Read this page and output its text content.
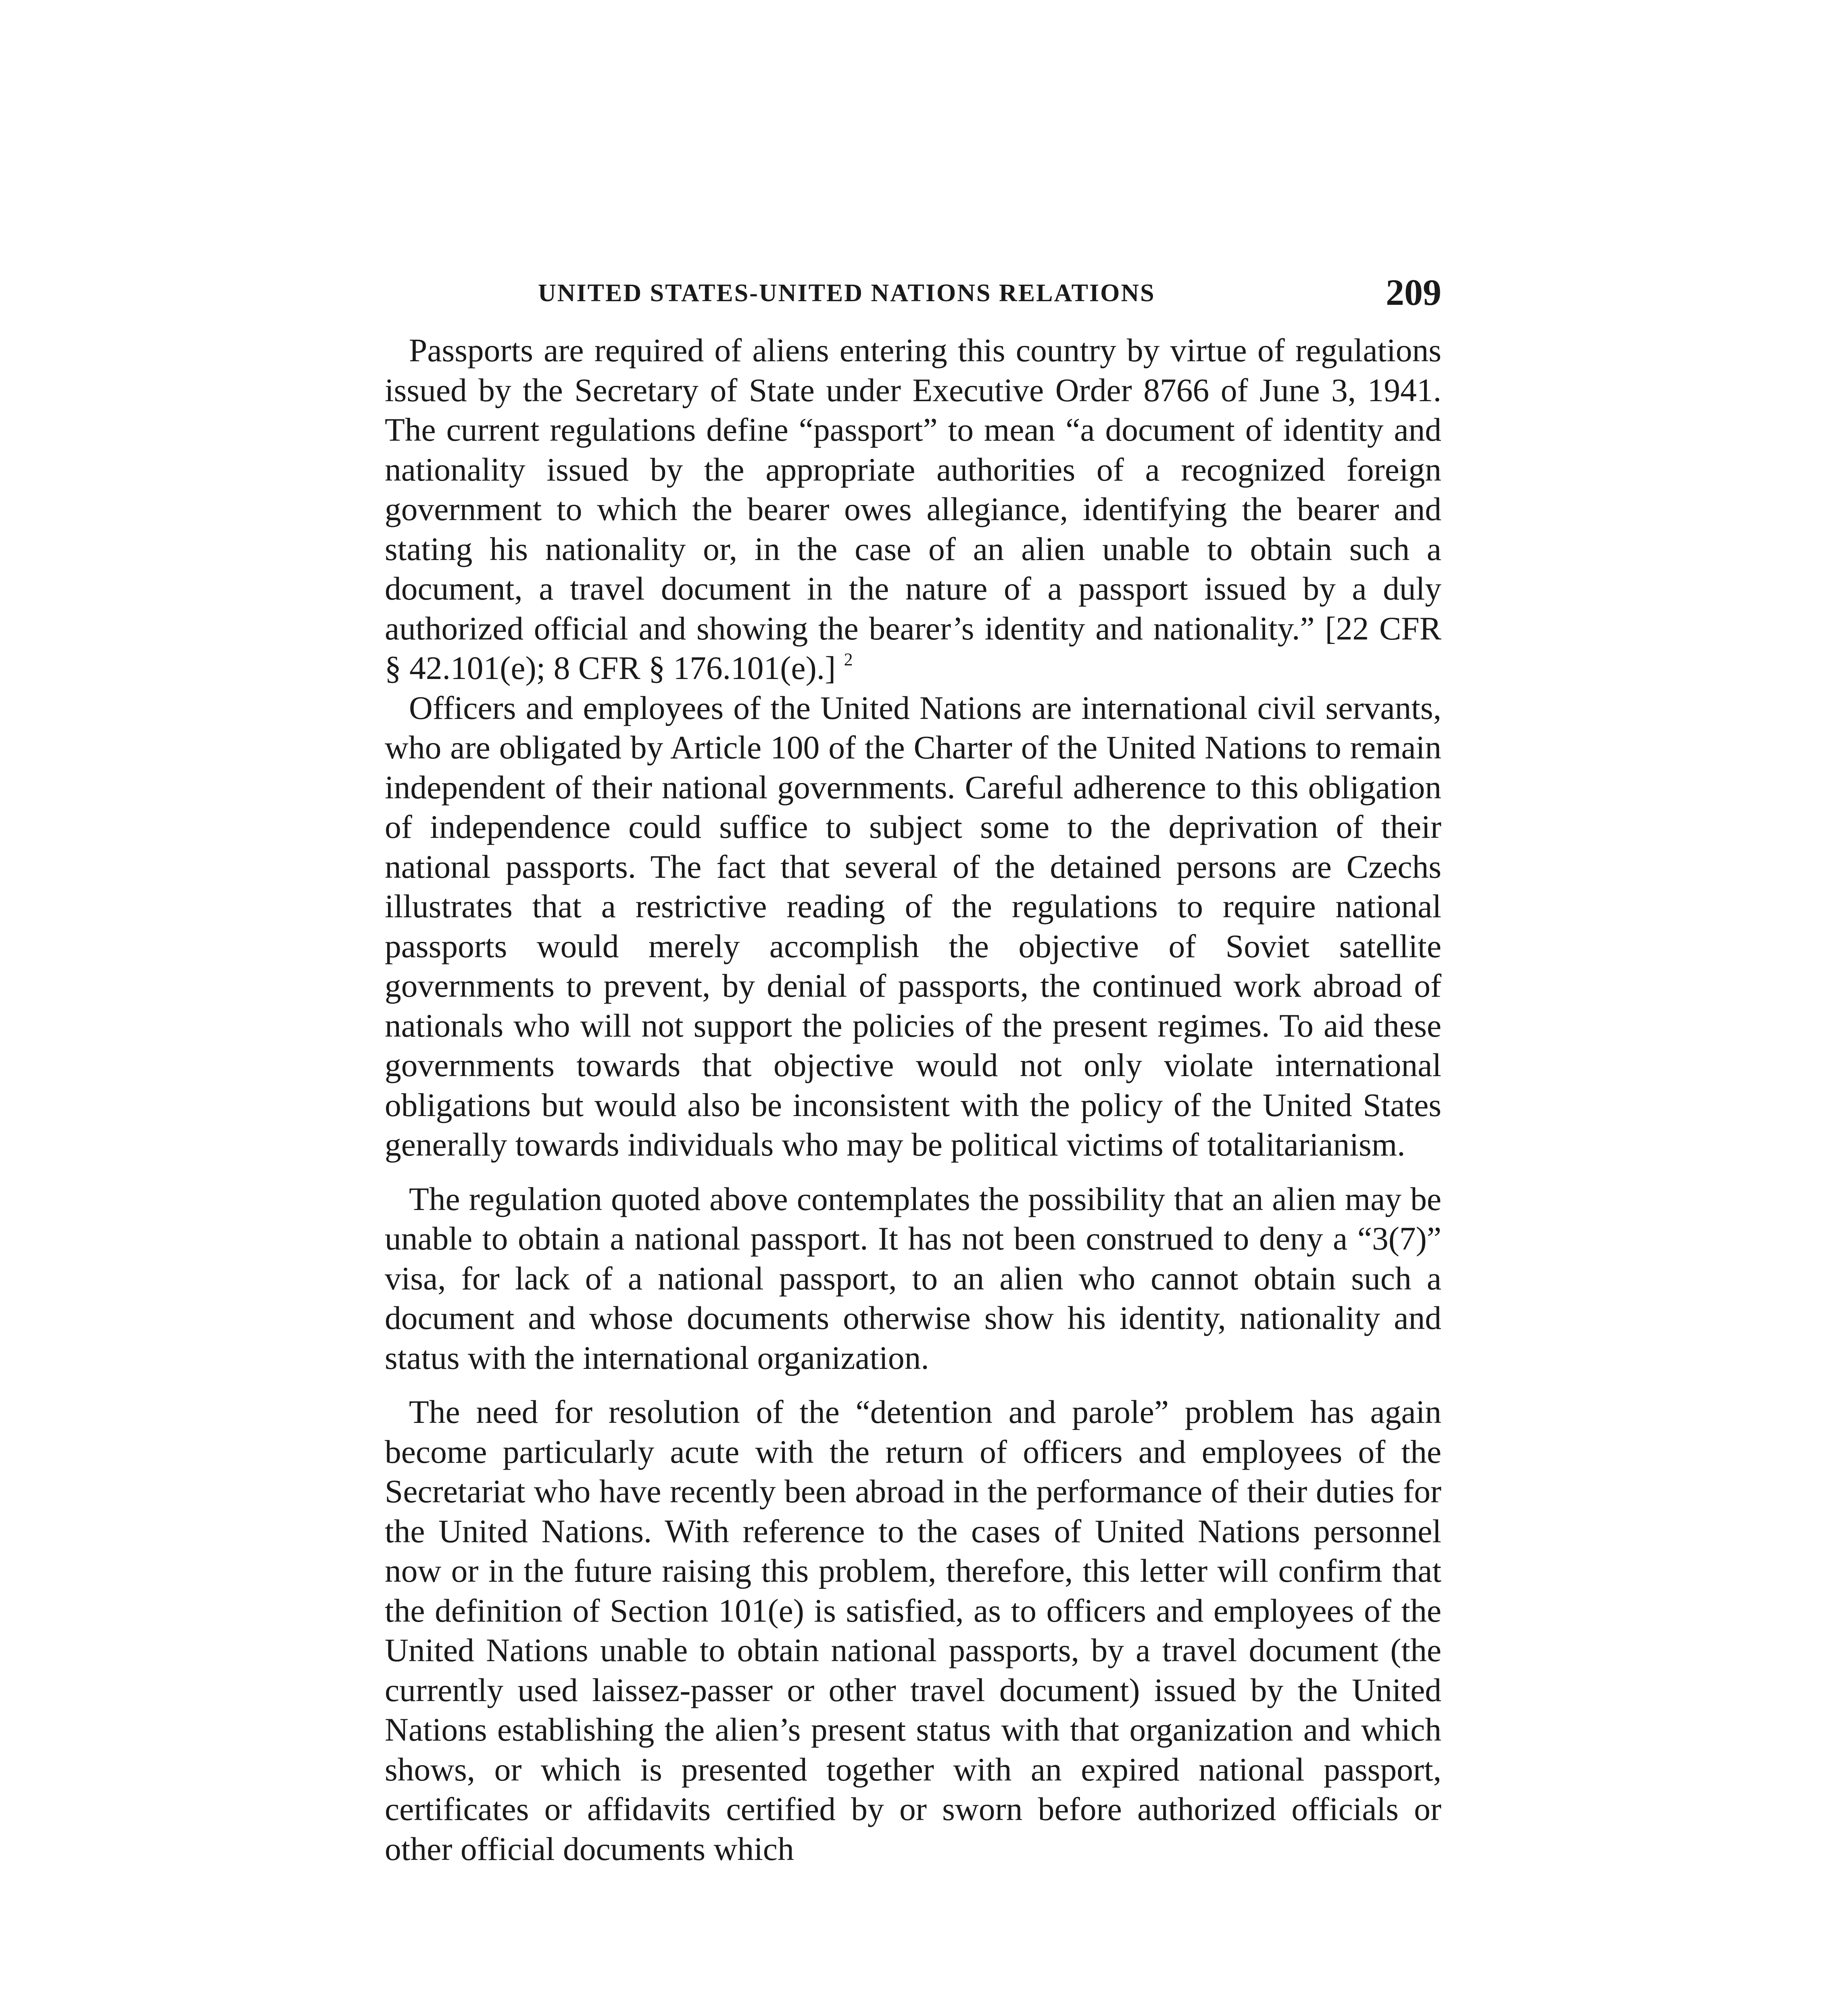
UNITED STATES-UNITED NATIONS RELATIONS	209

Passports are required of aliens entering this country by virtue of regulations issued by the Secretary of State under Executive Order 8766 of June 3, 1941. The current regulations define “passport” to mean “a document of identity and nationality issued by the appropriate authorities of a recognized foreign government to which the bearer owes allegiance, identifying the bearer and stating his nationality or, in the case of an alien unable to obtain such a document, a travel document in the nature of a passport issued by a duly authorized official and showing the bearer’s identity and nationality.” [22 CFR § 42.101(e); 8 CFR § 176.101(e).] $^2$

Officers and employees of the United Nations are international civil servants, who are obligated by Article 100 of the Charter of the United Nations to remain independent of their national governments. Careful adherence to this obligation of independence could suffice to subject some to the deprivation of their national passports. The fact that several of the detained persons are Czechs illustrates that a restrictive reading of the regulations to require national passports would merely accomplish the objective of Soviet satellite governments to prevent, by denial of passports, the continued work abroad of nationals who will not support the policies of the present regimes. To aid these governments towards that objective would not only violate international obligations but would also be inconsistent with the policy of the United States generally towards individuals who may be political victims of totalitarianism.

The regulation quoted above contemplates the possibility that an alien may be unable to obtain a national passport. It has not been construed to deny a “3(7)” visa, for lack of a national passport, to an alien who cannot obtain such a document and whose documents otherwise show his identity, nationality and status with the international organization.

The need for resolution of the “detention and parole” problem has again become particularly acute with the return of officers and employees of the Secretariat who have recently been abroad in the performance of their duties for the United Nations. With reference to the cases of United Nations personnel now or in the future raising this problem, therefore, this letter will confirm that the definition of Section 101(e) is satisfied, as to officers and employees of the United Nations unable to obtain national passports, by a travel document (the currently used laissez-passer or other travel document) issued by the United Nations establishing the alien’s present status with that organization and which shows, or which is presented together with an expired national passport, certificates or affidavits certified by or sworn before authorized officials or other official documents which
